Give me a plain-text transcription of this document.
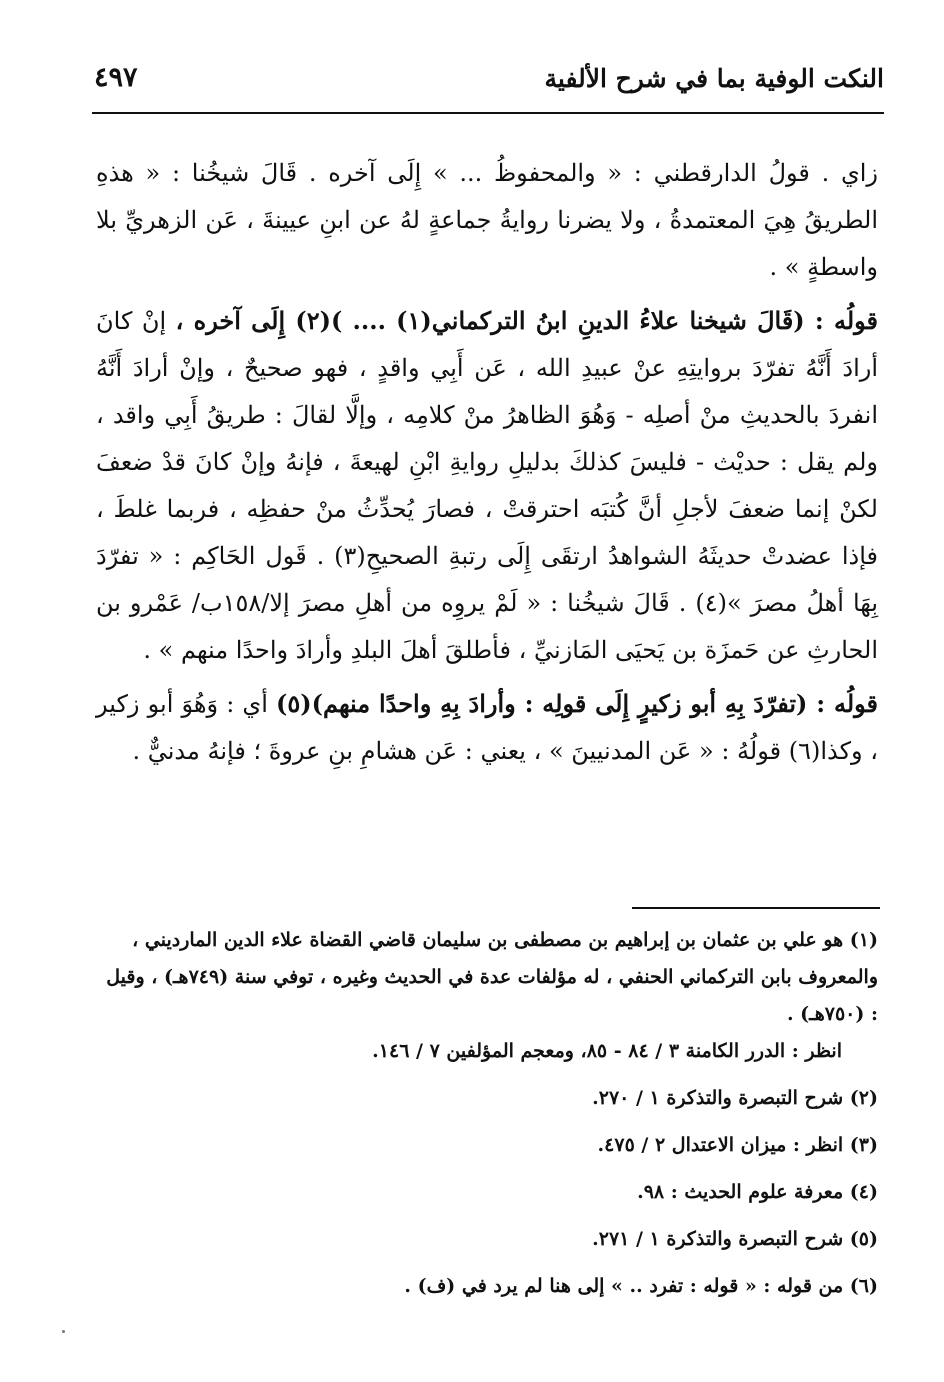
النكت الوفية بما في شرح الألفية
٤٩٧

زاي . قولُ الدارقطني : « والمحفوظُ ... » إِلَى آخره . قَالَ شيخُنا : « هذهِ الطريقُ هِيَ المعتمدةُ ، ولا يضرنا روايةُ جماعةٍ لهُ عن ابنِ عيينةَ ، عَن الزهريِّ بلا واسطةٍ » .

قولُه : (قَالَ شيخنا علاءُ الدينِ ابنُ التركماني(١) .... )(٢) إِلَى آخره ، إنْ كانَ أرادَ أَنَّهُ تفرّدَ بروايتِهِ عنْ عبيدِ الله ، عَن أَبِي واقدٍ ، فهو صحيحٌ ، وإنْ أرادَ أَنَّهُ انفردَ بالحديثِ منْ أصلِه - وَهُوَ الظاهرُ منْ كلامِه ، وإلَّا لقالَ : طريقُ أَبِي واقد ، ولم يقل : حديْث - فليسَ كذلكَ بدليلِ روايةِ ابْنِ لهيعةَ ، فإنهُ وإنْ كانَ قدْ ضعفَ لكنْ إنما ضعفَ لأجلِ أنَّ كُتبَه احترقتْ ، فصارَ يُحدِّثُ منْ حفظِه ، فربما غلطَ ، فإذا عضدتْ حديثَهُ الشواهدُ ارتقَى إِلَى رتبةِ الصحيحِ(٣) . قَول الحَاكِم : « تفرّدَ بِهَا أهلُ مصرَ »(٤) . قَالَ شيخُنا : « لَمْ يروِه من أهلِ مصرَ إلا/١٥٨ب/ عَمْرو بن الحارثِ عن حَمزَة بن يَحيَى المَازنيِّ ، فأطلقَ أهلَ البلدِ وأرادَ واحدًا منهم » .

قولُه : (تفرّدَ بِهِ أبو زكيرٍ إِلَى قولِه : وأرادَ بِهِ واحدًا منهم)(٥) أي : وَهُوَ أبو زكير ، وكذا(٦) قولُهُ : « عَن المدنيينَ » ، يعني : عَن هشامِ بنِ عروةَ ؛ فإنهُ مدنيٌّ .

(١) هو علي بن عثمان بن إبراهيم بن مصطفى بن سليمان قاضي القضاة علاء الدين المارديني ، والمعروف بابن التركماني الحنفي ، له مؤلفات عدة في الحديث وغيره ، توفي سنة (٧٤٩هـ) ، وقيل : (٧٥٠هـ) .
انظر : الدرر الكامنة ٣ / ٨٤ - ٨٥، ومعجم المؤلفين ٧ / ١٤٦.
(٢) شرح التبصرة والتذكرة ١ / ٢٧٠.
(٣) انظر : ميزان الاعتدال ٢ / ٤٧٥.
(٤) معرفة علوم الحديث : ٩٨.
(٥) شرح التبصرة والتذكرة ١ / ٢٧١.
(٦) من قوله : « قوله : تفرد .. » إلى هنا لم يرد في (ف) .
